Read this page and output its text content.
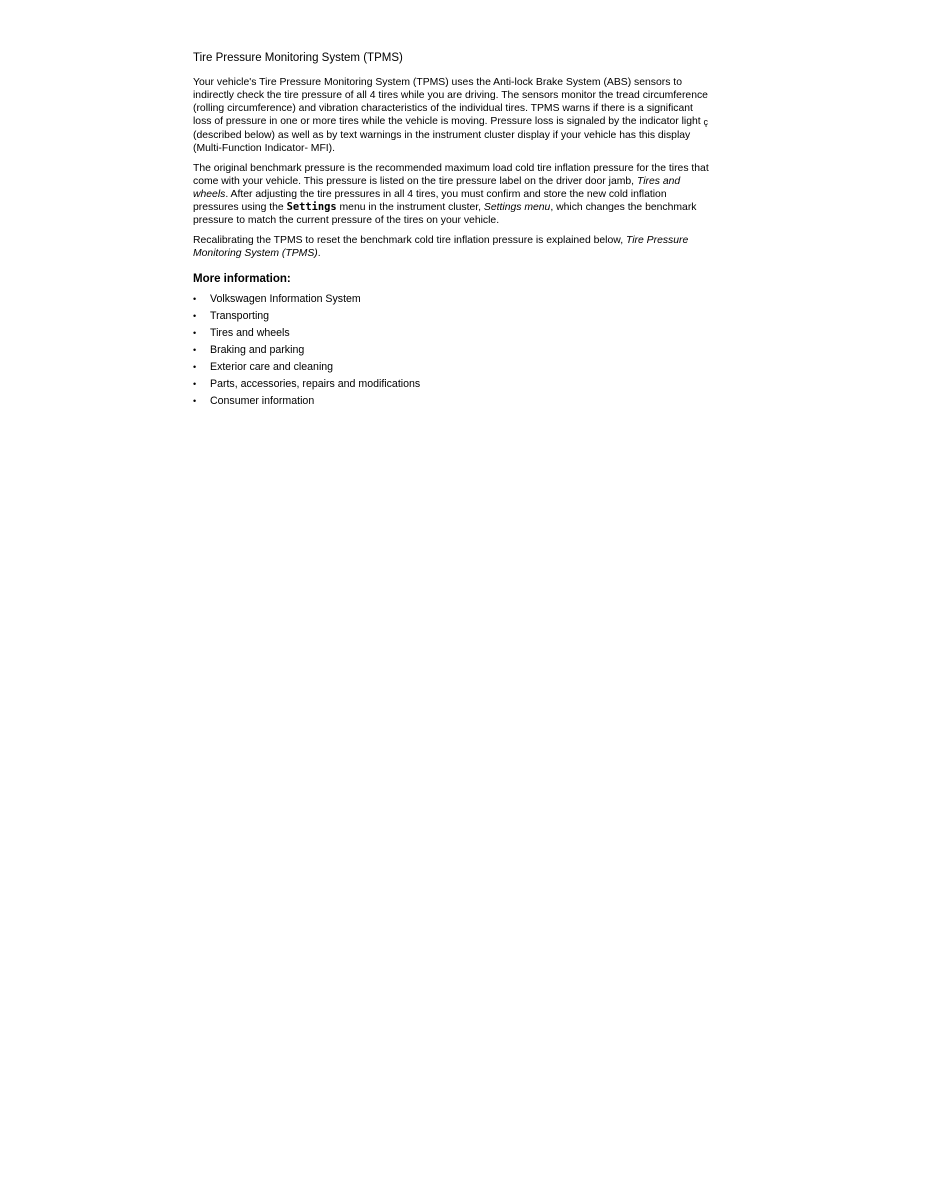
Tire Pressure Monitoring System (TPMS)

Your vehicle's Tire Pressure Monitoring System (TPMS) uses the Anti-lock Brake System (ABS) sensors to indirectly check the tire pressure of all 4 tires while you are driving. The sensors monitor the tread circumference (rolling circumference) and vibration characteristics of the individual tires. TPMS warns if there is a significant loss of pressure in one or more tires while the vehicle is moving. Pressure loss is signaled by the indicator light ç (described below) as well as by text warnings in the instrument cluster display if your vehicle has this display (Multi-Function Indicator- MFI).

The original benchmark pressure is the recommended maximum load cold tire inflation pressure for the tires that come with your vehicle. This pressure is listed on the tire pressure label on the driver door jamb, Tires and wheels. After adjusting the tire pressures in all 4 tires, you must confirm and store the new cold inflation pressures using the Settings menu in the instrument cluster, Settings menu, which changes the benchmark pressure to match the current pressure of the tires on your vehicle.

Recalibrating the TPMS to reset the benchmark cold tire inflation pressure is explained below, Tire Pressure Monitoring System (TPMS).

More information:
• Volkswagen Information System
• Transporting
• Tires and wheels
• Braking and parking
• Exterior care and cleaning
• Parts, accessories, repairs and modifications
• Consumer information
